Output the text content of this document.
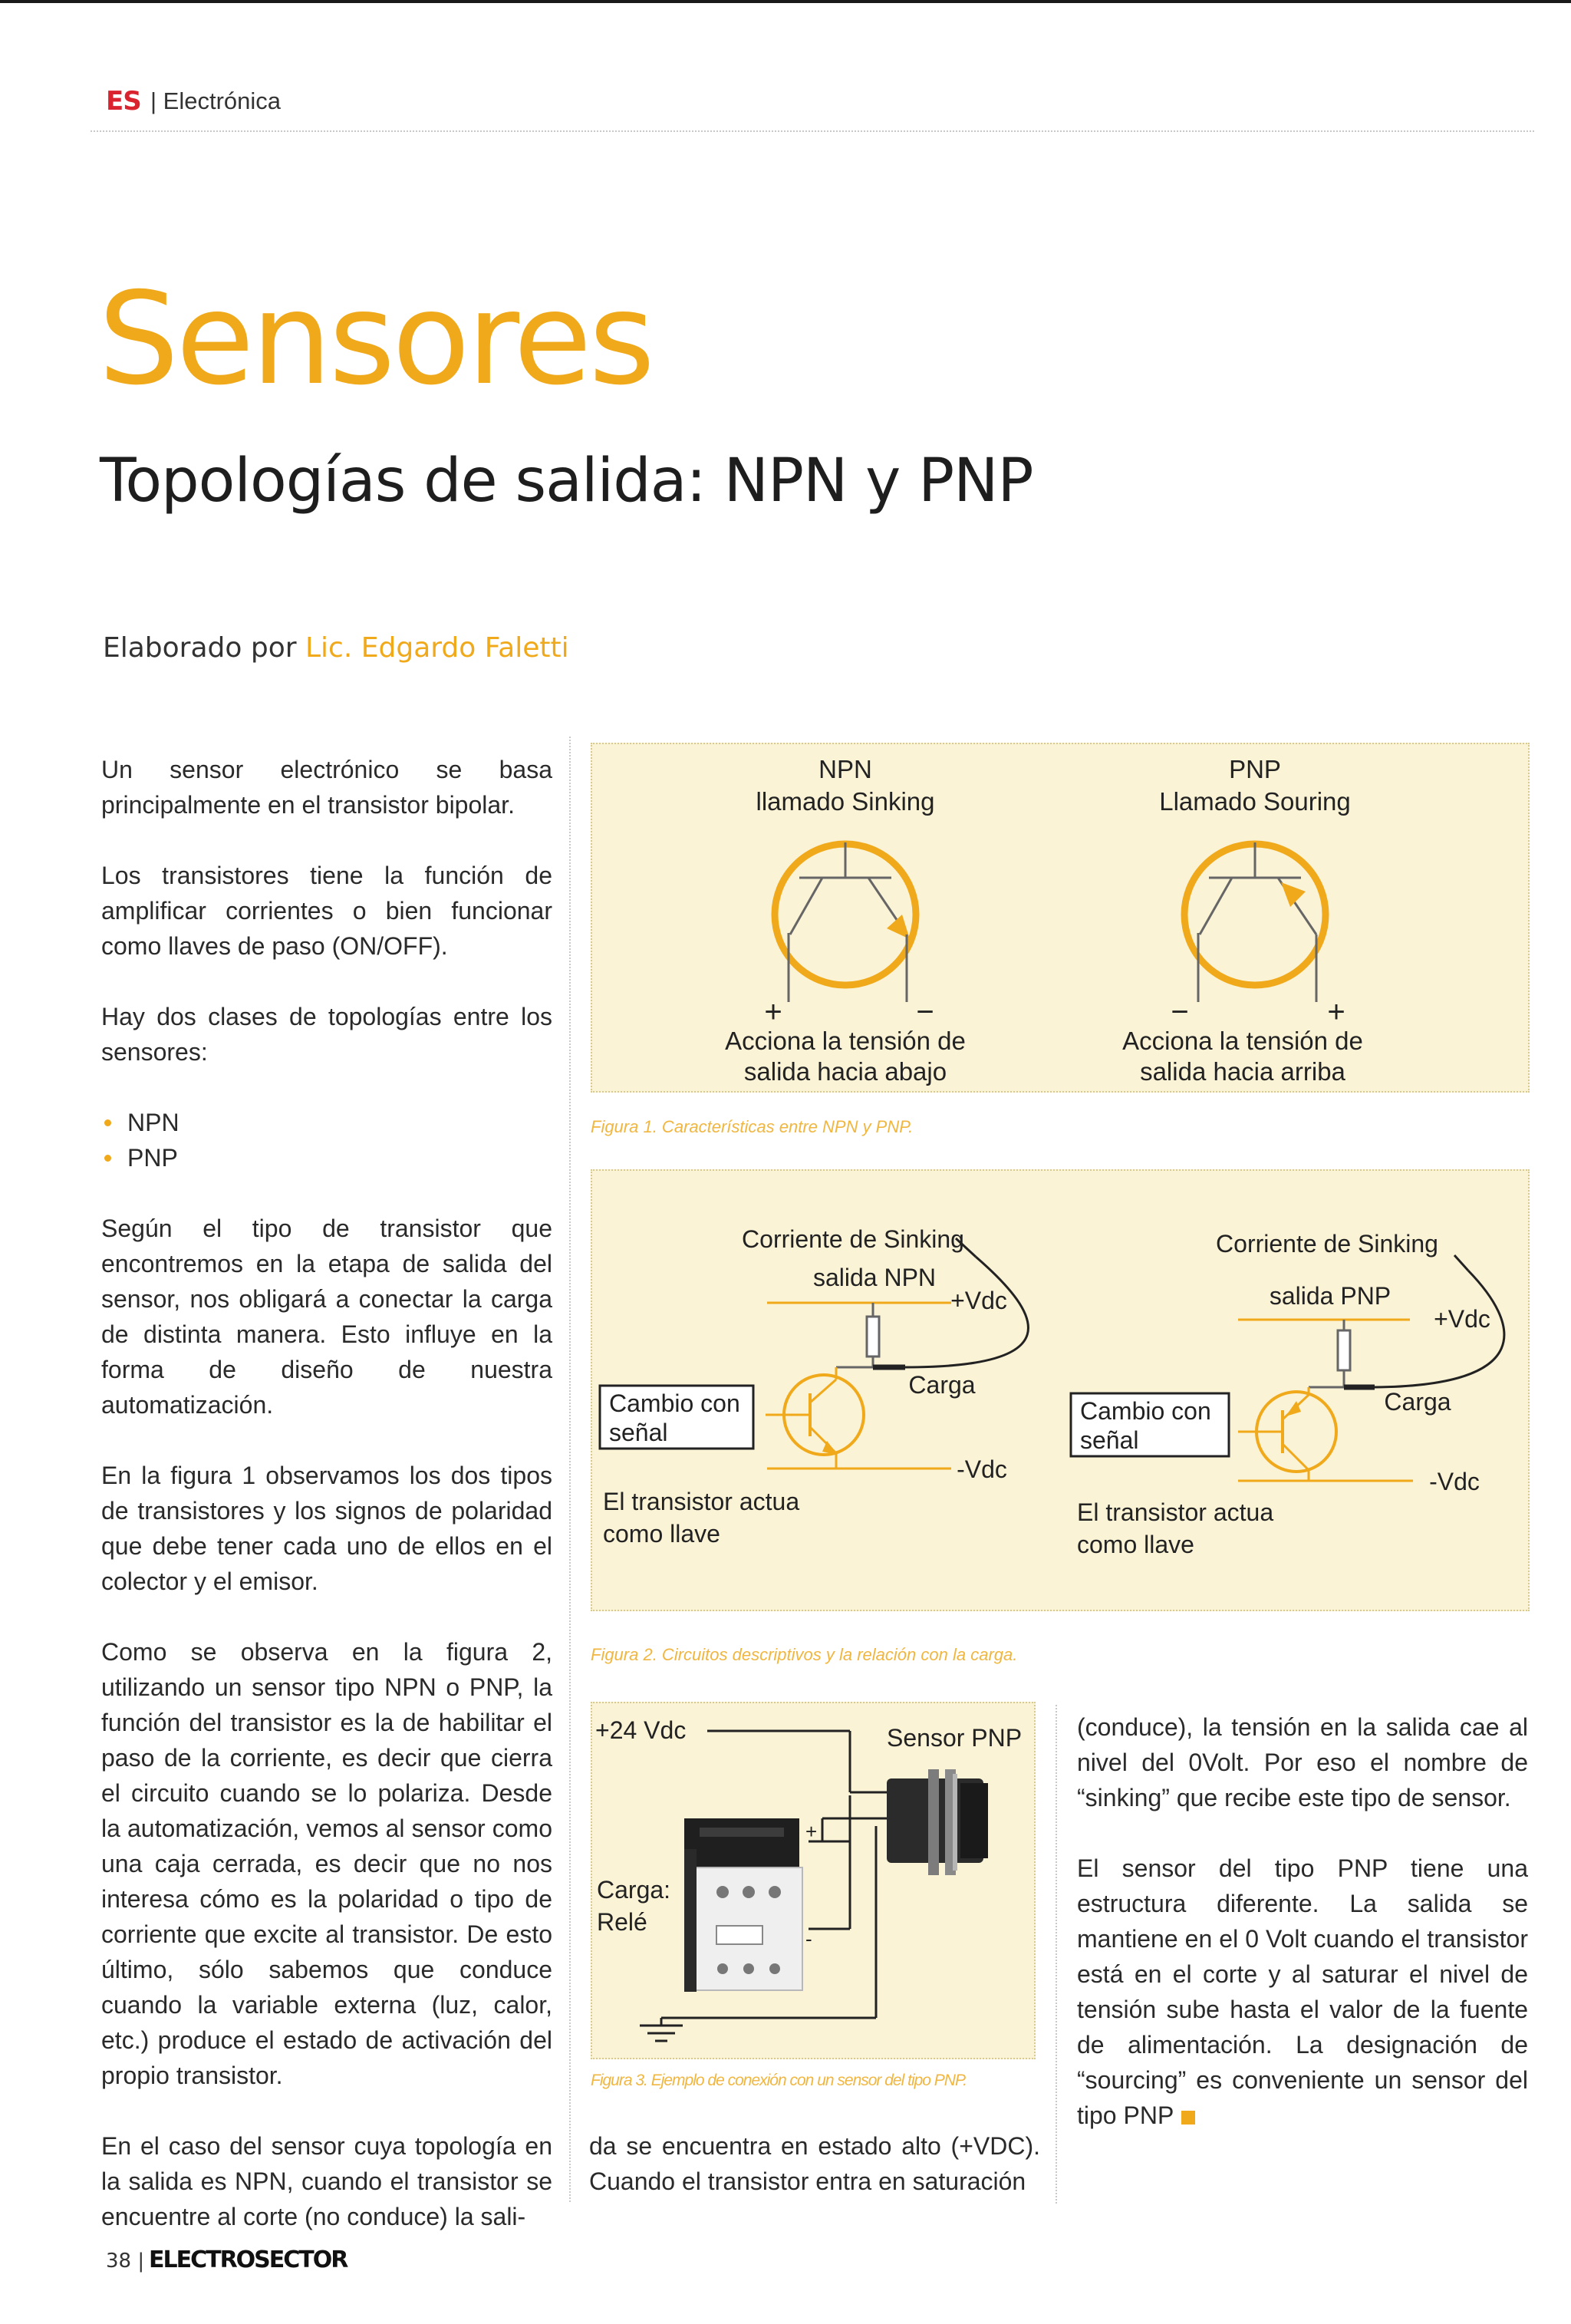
ES | Electrónica
Sensores
Topologías de salida: NPN y PNP
Elaborado por Lic. Edgardo Faletti

Un sensor electrónico se basa principalmente en el transistor bipolar.

Los transistores tiene la función de amplificar corrientes o bien funcionar como llaves de paso (ON/OFF).

Hay dos clases de topologías entre los sensores:

NPN
PNP

Según el tipo de transistor que encontremos en la etapa de salida del sensor, nos obligará a conectar la carga de distinta manera. Esto influye en la forma de diseño de nuestra automatización.

En la figura 1 observamos los dos tipos de transistores y los signos de polaridad que debe tener cada uno de ellos en el colector y el emisor.

Como se observa en la figura 2, utilizando un sensor tipo NPN o PNP, la función del transistor es la de habilitar el paso de la corriente, es decir que cierra el circuito cuando se lo polariza. Desde la automatización, vemos al sensor como una caja cerrada, es decir que no nos interesa cómo es la polaridad o tipo de corriente que excite al transistor. De esto último, sólo sabemos que conduce cuando la variable externa (luz, calor, etc.) produce el estado de activación del propio transistor.

En el caso del sensor cuya topología en la salida es NPN, cuando el transistor se encuentre al corte (no conduce) la sali-

NPN
llamado Sinking
PNP
Llamado Souring
+	−	−	+
Acciona la tensión de
salida hacia abajo
Acciona la tensión de
salida hacia arriba
Figura 1. Características entre NPN y PNP.
Corriente de Sinking
salida NPN
+Vdc
Carga
Cambio con
señal
-Vdc
El transistor actua
como llave
Corriente de Sinking
salida PNP
+Vdc
Carga
Cambio con
señal
-Vdc
El transistor actua
como llave
Figura 2. Circuitos descriptivos y la relación con la carga.
+24 Vdc	Sensor PNP
Carga:
Relé
+
-
Figura 3. Ejemplo de conexión con un sensor del tipo PNP.

da se encuentra en estado alto (+VDC). Cuando el transistor entra en saturación

(conduce), la tensión en la salida cae al nivel del 0Volt. Por eso el nombre de “sinking” que recibe este tipo de sensor.

El sensor del tipo PNP tiene una estructura diferente. La salida se mantiene en el 0 Volt cuando el transistor está en el corte y al saturar el nivel de tensión sube hasta el valor de la fuente de alimentación. La designación de “sourcing” es conveniente un sensor del tipo PNP

38 | ELECTROSECTOR
